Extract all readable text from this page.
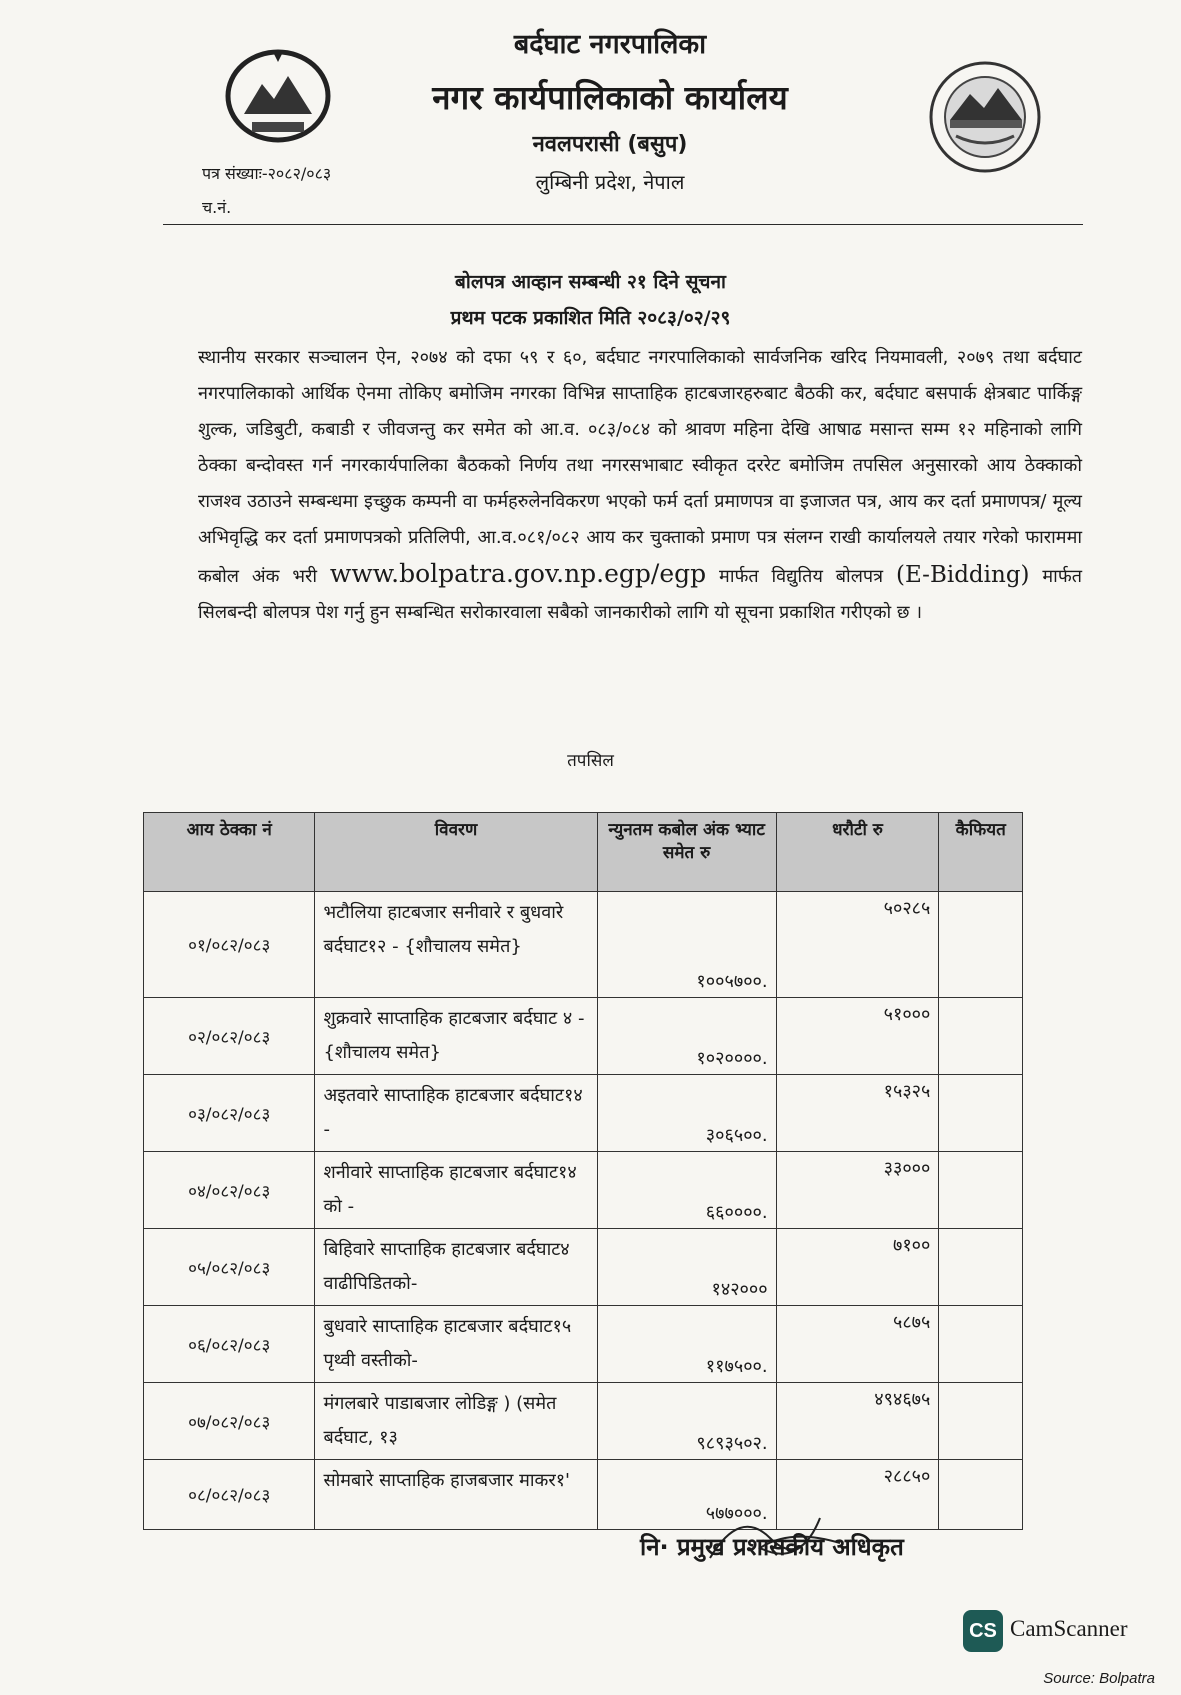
बर्दघाट नगरपालिका
नगर कार्यपालिकाको कार्यालय
नवलपरासी (बसुप)
लुम्बिनी प्रदेश, नेपाल
पत्र संख्याः-२०८२/०८३
च.नं.
बोलपत्र आव्हान सम्बन्धी २१ दिने सूचना
प्रथम पटक प्रकाशित मिति २०८३/०२/२९
स्थानीय सरकार सञ्चालन ऐन, २०७४ को दफा ५९ र ६०, बर्दघाट नगरपालिकाको सार्वजनिक खरिद नियमावली, २०७९ तथा बर्दघाट नगरपालिकाको आर्थिक ऐनमा तोकिए बमोजिम नगरका विभिन्न साप्ताहिक हाटबजारहरुबाट बैठकी कर, बर्दघाट बसपार्क क्षेत्रबाट पार्किङ्ग शुल्क, जडिबुटी, कबाडी र जीवजन्तु कर समेत को आ.व. ०८३/०८४ को श्रावण महिना देखि आषाढ मसान्त सम्म १२ महिनाको लागि ठेक्का बन्दोवस्त गर्न नगरकार्यपालिका बैठकको निर्णय तथा नगरसभाबाट स्वीकृत दररेट बमोजिम तपसिल अनुसारको आय ठेक्काको राजश्व उठाउने सम्बन्धमा इच्छुक कम्पनी वा फर्महरुलेनविकरण भएको फर्म दर्ता प्रमाणपत्र वा इजाजत पत्र, आय कर दर्ता प्रमाणपत्र/ मूल्य अभिवृद्धि कर दर्ता प्रमाणपत्रको प्रतिलिपी, आ.व.०८१/०८२ आय कर चुक्ताको प्रमाण पत्र संलग्न राखी कार्यालयले तयार गरेको फाराममा कबोल अंक भरी www.bolpatra.gov.np.egp/egp मार्फत विद्युतिय बोलपत्र (E-Bidding) मार्फत सिलबन्दी बोलपत्र पेश गर्नु हुन सम्बन्धित सरोकारवाला सबैको जानकारीको लागि यो सूचना प्रकाशित गरीएको छ ।
तपसिल
आय ठेक्का नं	विवरण	न्युनतम कबोल अंक भ्याट समेत रु	धरौटी रु	कैफियत
०१/०८२/०८३	भटौलिया हाटबजार सनीवारे र बुधवारे बर्दघाट१२ - {शौचालय समेत}	१००५७००.	५०२८५	
०२/०८२/०८३	शुक्रवारे साप्ताहिक हाटबजार बर्दघाट ४ -{शौचालय समेत}	१०२००००.	५१०००	
०३/०८२/०८३	अइतवारे साप्ताहिक हाटबजार बर्दघाट१४ -	३०६५००.	१५३२५	
०४/०८२/०८३	शनीवारे साप्ताहिक हाटबजार बर्दघाट१४ को -	६६००००.	३३०००	
०५/०८२/०८३	बिहिवारे साप्ताहिक हाटबजार बर्दघाट४ वाढीपिडितको-	१४२०००	७१००	
०६/०८२/०८३	बुधवारे साप्ताहिक हाटबजार बर्दघाट१५ पृथ्वी वस्तीको-	११७५००.	५८७५	
०७/०८२/०८३	मंगलबारे पाडाबजार लोडिङ्ग ) (समेत बर्दघाट, १३	९८९३५०२.	४९४६७५	
०८/०८२/०८३	सोमबारे साप्ताहिक हाजबजार माकर१'	५७७०००.	२८८५०	
नि· प्रमुख प्रशासकीय अधिकृत
CS CamScanner
Source: Bolpatra
